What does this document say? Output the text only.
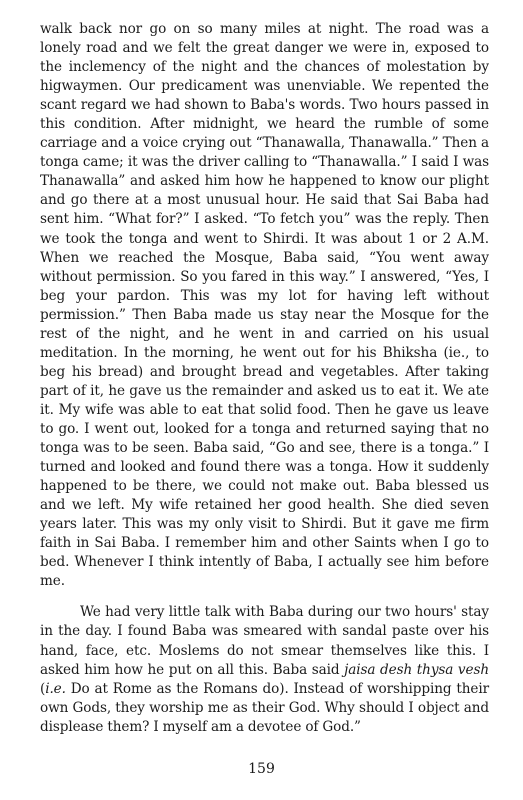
walk back nor go on so many miles at night. The road was a lonely road and we felt the great danger we were in, exposed to the inclemency of the night and the chances of molestation by higwaymen. Our predicament was unenviable. We repented the scant regard we had shown to Baba's words. Two hours passed in this condition. After midnight, we heard the rumble of some carriage and a voice crying out “Thanawalla, Thanawalla.” Then a tonga came; it was the driver calling to “Thanawalla.” I said I was Thanawalla” and asked him how he happened to know our plight and go there at a most unusual hour. He said that Sai Baba had sent him. “What for?” I asked. “To fetch you” was the reply. Then we took the tonga and went to Shirdi. It was about 1 or 2 A.M. When we reached the Mosque, Baba said, “You went away without permission. So you fared in this way.” I answered, “Yes, I beg your pardon. This was my lot for having left without permission.” Then Baba made us stay near the Mosque for the rest of the night, and he went in and carried on his usual meditation. In the morning, he went out for his Bhiksha (ie., to beg his bread) and brought bread and vegetables. After taking part of it, he gave us the remainder and asked us to eat it. We ate it. My wife was able to eat that solid food. Then he gave us leave to go. I went out, looked for a tonga and returned saying that no tonga was to be seen. Baba said, “Go and see, there is a tonga.” I turned and looked and found there was a tonga. How it suddenly happened to be there, we could not make out. Baba blessed us and we left. My wife retained her good health. She died seven years later. This was my only visit to Shirdi. But it gave me firm faith in Sai Baba. I remember him and other Saints when I go to bed. Whenever I think intently of Baba, I actually see him before me.

We had very little talk with Baba during our two hours' stay in the day. I found Baba was smeared with sandal paste over his hand, face, etc. Moslems do not smear themselves like this. I asked him how he put on all this. Baba said jaisa desh thysa vesh (i.e. Do at Rome as the Romans do). Instead of worshipping their own Gods, they worship me as their God. Why should I object and displease them? I myself am a devotee of God.”

159
